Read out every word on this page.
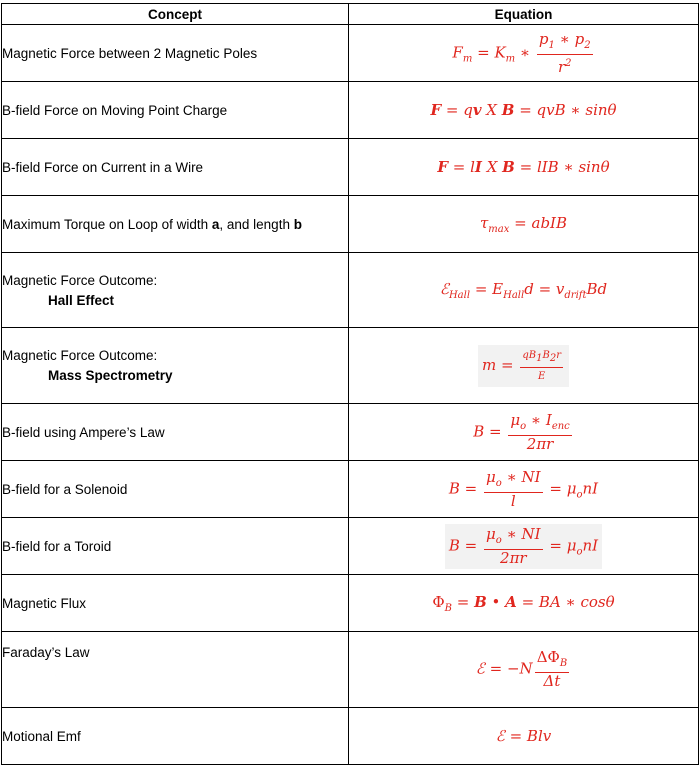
Concept	Equation
Magnetic Force between 2 Magnetic Poles	$F_m = K_m$ ∗ $\frac{p_1 ∗ p_2}{r^2}$

B-field Force on Moving Point Charge	F = qv X B = qvB ∗ sinθ
B-field Force on Current in a Wire	F = lI X B = lIB ∗ sinθ
Maximum Torque on Loop of width a, and length b	$\tau_{max}$ = abIB

Magnetic Force Outcome:
Hall Effect	ℰ$_{Hall}$ = $E_{Hall}d = v_{drift}Bd$

Magnetic Force Outcome:
Mass Spectrometry	$m = \frac{qB_1B_2r}{E}$

B-field using Ampere’s Law	$B = \frac{\mu_o ∗ I_{enc}}{2\pi r}$

B-field for a Solenoid	$B = \frac{\mu_o ∗ NI}{l} = \mu_onI$
B-field for a Toroid	$B = \frac{\mu_o ∗ NI}{2\pi r} = \mu_onI$
Magnetic Flux	$\Phi_B = B$ • A = BA ∗ cosθ
Faraday’s Law	ℰ = $-N \frac{\Delta\Phi_B}{\Delta t}$

Motional Emf	ℰ = Blv
